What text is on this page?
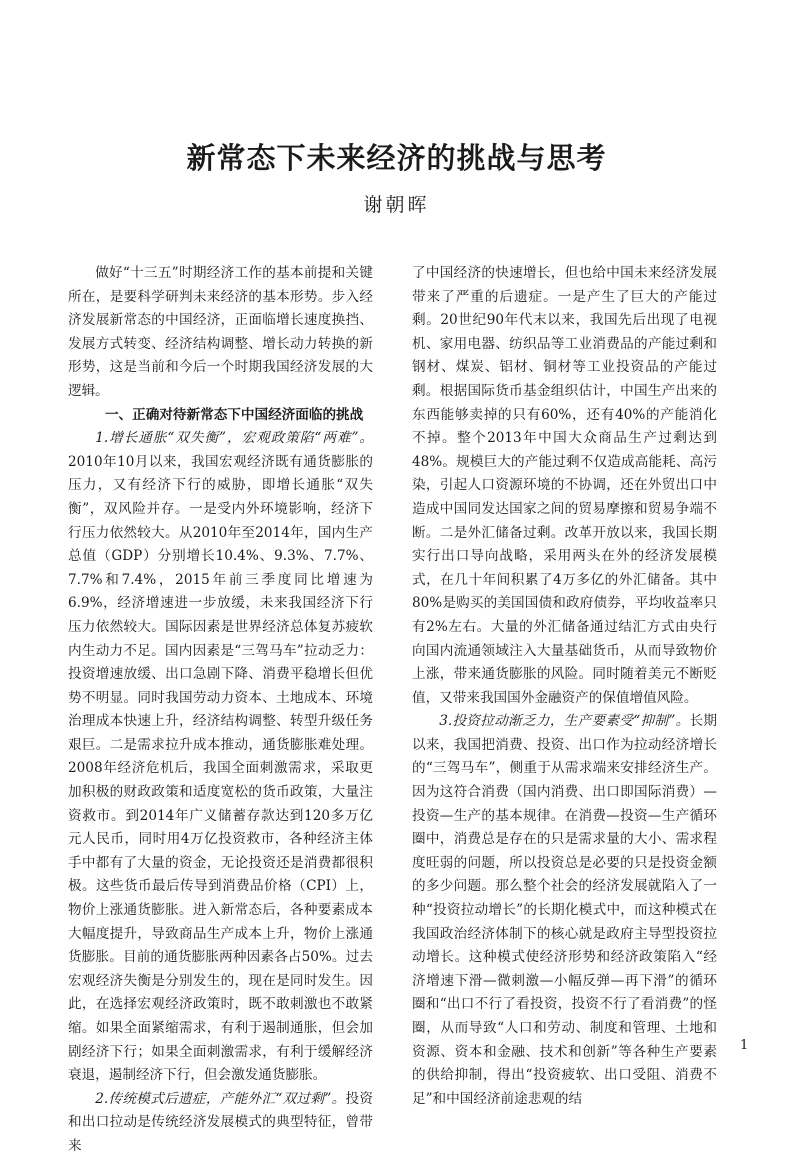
新常态下未来经济的挑战与思考
谢朝晖

做好“十三五”时期经济工作的基本前提和关键所在，是要科学研判未来经济的基本形势。步入经济发展新常态的中国经济，正面临增长速度换挡、发展方式转变、经济结构调整、增长动力转换的新形势，这是当前和今后一个时期我国经济发展的大逻辑。

一、正确对待新常态下中国经济面临的挑战

1.增长通胀“双失衡”，宏观政策陷“两难”。2010年10月以来，我国宏观经济既有通货膨胀的压力，又有经济下行的威胁，即增长通胀“双失衡”，双风险并存。一是受内外环境影响，经济下行压力依然较大。从2010年至2014年，国内生产总值（GDP）分别增长10.4%、9.3%、7.7%、7.7%和7.4%，2015年前三季度同比增速为6.9%，经济增速进一步放缓，未来我国经济下行压力依然较大。国际因素是世界经济总体复苏疲软内生动力不足。国内因素是“三驾马车”拉动乏力：投资增速放缓、出口急剧下降、消费平稳增长但优势不明显。同时我国劳动力资本、土地成本、环境治理成本快速上升，经济结构调整、转型升级任务艰巨。二是需求拉升成本推动，通货膨胀难处理。2008年经济危机后，我国全面刺激需求，采取更加积极的财政政策和适度宽松的货币政策，大量注资救市。到2014年广义储蓄存款达到120多万亿元人民币，同时用4万亿投资救市，各种经济主体手中都有了大量的资金，无论投资还是消费都很积极。这些货币最后传导到消费品价格（CPI）上，物价上涨通货膨胀。进入新常态后，各种要素成本大幅度提升，导致商品生产成本上升，物价上涨通货膨胀。目前的通货膨胀两种因素各占50%。过去宏观经济失衡是分别发生的，现在是同时发生。因此，在选择宏观经济政策时，既不敢刺激也不敢紧缩。如果全面紧缩需求，有利于遏制通胀，但会加剧经济下行；如果全面刺激需求，有利于缓解经济衰退，遏制经济下行，但会激发通货膨胀。

2.传统模式后遗症，产能外汇“双过剩”。投资和出口拉动是传统经济发展模式的典型特征，曾带来

了中国经济的快速增长，但也给中国未来经济发展带来了严重的后遗症。一是产生了巨大的产能过剩。20世纪90年代末以来，我国先后出现了电视机、家用电器、纺织品等工业消费品的产能过剩和钢材、煤炭、铝材、铜材等工业投资品的产能过剩。根据国际货币基金组织估计，中国生产出来的东西能够卖掉的只有60%，还有40%的产能消化不掉。整个2013年中国大众商品生产过剩达到48%。规模巨大的产能过剩不仅造成高能耗、高污染，引起人口资源环境的不协调，还在外贸出口中造成中国同发达国家之间的贸易摩擦和贸易争端不断。二是外汇储备过剩。改革开放以来，我国长期实行出口导向战略，采用两头在外的经济发展模式，在几十年间积累了4万多亿的外汇储备。其中80%是购买的美国国债和政府债券，平均收益率只有2%左右。大量的外汇储备通过结汇方式由央行向国内流通领域注入大量基础货币，从而导致物价上涨，带来通货膨胀的风险。同时随着美元不断贬值，又带来我国国外金融资产的保值增值风险。

3.投资拉动渐乏力，生产要素受“抑制”。长期以来，我国把消费、投资、出口作为拉动经济增长的“三驾马车”，侧重于从需求端来安排经济生产。因为这符合消费（国内消费、出口即国际消费）—投资—生产的基本规律。在消费—投资—生产循环圈中，消费总是存在的只是需求量的大小、需求程度旺弱的问题，所以投资总是必要的只是投资金额的多少问题。那么整个社会的经济发展就陷入了一种“投资拉动增长”的长期化模式中，而这种模式在我国政治经济体制下的核心就是政府主导型投资拉动增长。这种模式使经济形势和经济政策陷入“经济增速下滑—微刺激—小幅反弹—再下滑”的循环圈和“出口不行了看投资，投资不行了看消费”的怪圈，从而导致“人口和劳动、制度和管理、土地和资源、资本和金融、技术和创新”等各种生产要素的供给抑制，得出“投资疲软、出口受阻、消费不足”和中国经济前途悲观的结

1
